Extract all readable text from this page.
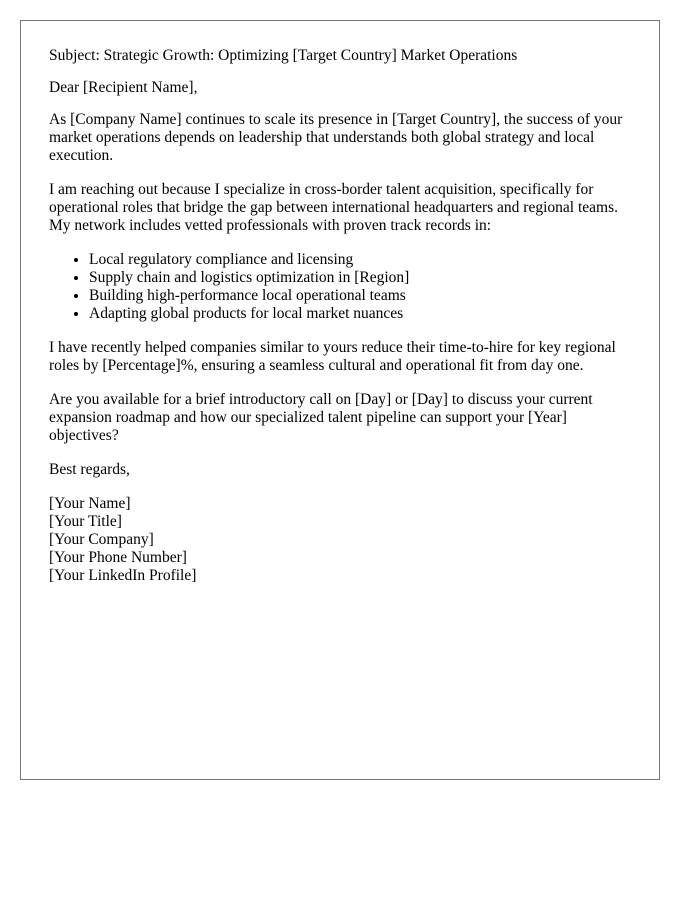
Subject: Strategic Growth: Optimizing [Target Country] Market Operations
Dear [Recipient Name],

As [Company Name] continues to scale its presence in [Target Country], the success of your market operations depends on leadership that understands both global strategy and local execution.

I am reaching out because I specialize in cross-border talent acquisition, specifically for operational roles that bridge the gap between international headquarters and regional teams. My network includes vetted professionals with proven track records in:

• Local regulatory compliance and licensing
• Supply chain and logistics optimization in [Region]
• Building high-performance local operational teams
• Adapting global products for local market nuances

I have recently helped companies similar to yours reduce their time-to-hire for key regional roles by [Percentage]%, ensuring a seamless cultural and operational fit from day one.

Are you available for a brief introductory call on [Day] or [Day] to discuss your current expansion roadmap and how our specialized talent pipeline can support your [Year] objectives?

Best regards,
[Your Name]
[Your Title]
[Your Company]
[Your Phone Number]
[Your LinkedIn Profile]
